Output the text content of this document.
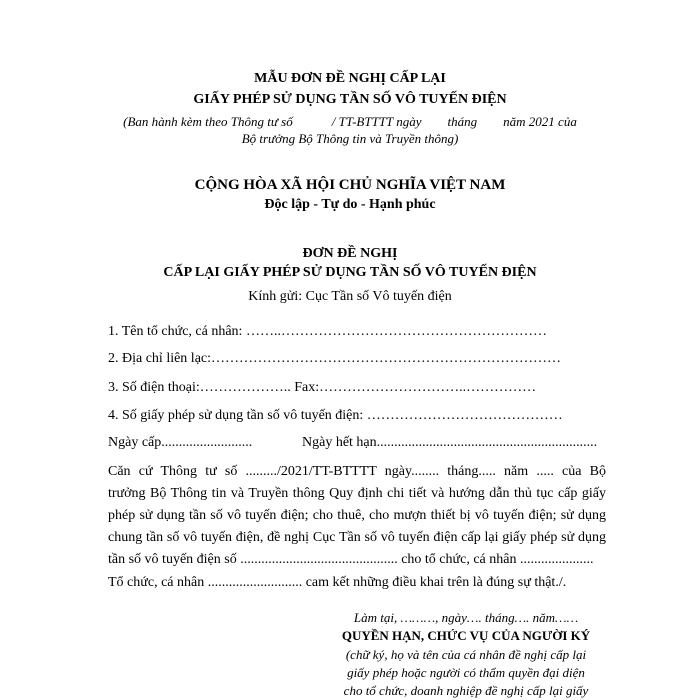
MẪU ĐƠN ĐỀ NGHỊ CẤP LẠI
GIẤY PHÉP SỬ DỤNG TẦN SỐ VÔ TUYẾN ĐIỆN
(Ban hành kèm theo Thông tư số            / TT-BTTTT ngày        tháng        năm 2021 của
Bộ trưởng Bộ Thông tin và Truyền thông)
CỘNG HÒA XÃ HỘI CHỦ NGHĨA VIỆT NAM
Độc lập - Tự do - Hạnh phúc
ĐƠN ĐỀ NGHỊ
CẤP LẠI GIẤY PHÉP SỬ DỤNG TẦN SỐ VÔ TUYẾN ĐIỆN
Kính gửi: Cục Tần số Vô tuyến điện
1. Tên tổ chức, cá nhân: ……..…………………………………………………
2. Địa chỉ liên lạc:…………………………………………………………………
3. Số điện thoại:……………….. Fax:…………………………..……………
4. Số giấy phép sử dụng tần số vô tuyến điện: ……………………………………
Ngày cấp..........................	Ngày hết hạn...............................................................
Căn cứ Thông tư số ........./2021/TT-BTTTT ngày........ tháng..... năm ..... của Bộ
trưởng Bộ Thông tin và Truyền thông Quy định chi tiết và hướng dẫn thủ tục cấp giấy
phép sử dụng tần số vô tuyến điện; cho thuê, cho mượn thiết bị vô tuyến điện; sử dụng
chung tần số vô tuyến điện, đề nghị Cục Tần số vô tuyến điện cấp lại giấy phép sử dụng
tần số vô tuyến điện số ............................................. cho tổ chức, cá nhân .....................
Tổ chức, cá nhân ........................... cam kết những điều khai trên là đúng sự thật./.
Làm tại, ………, ngày…. tháng…. năm……
QUYỀN HẠN, CHỨC VỤ CỦA NGƯỜI KÝ
(chữ ký, họ và tên của cá nhân đề nghị cấp lại
giấy phép hoặc người có thẩm quyền đại diện
cho tổ chức, doanh nghiệp đề nghị cấp lại giấy
